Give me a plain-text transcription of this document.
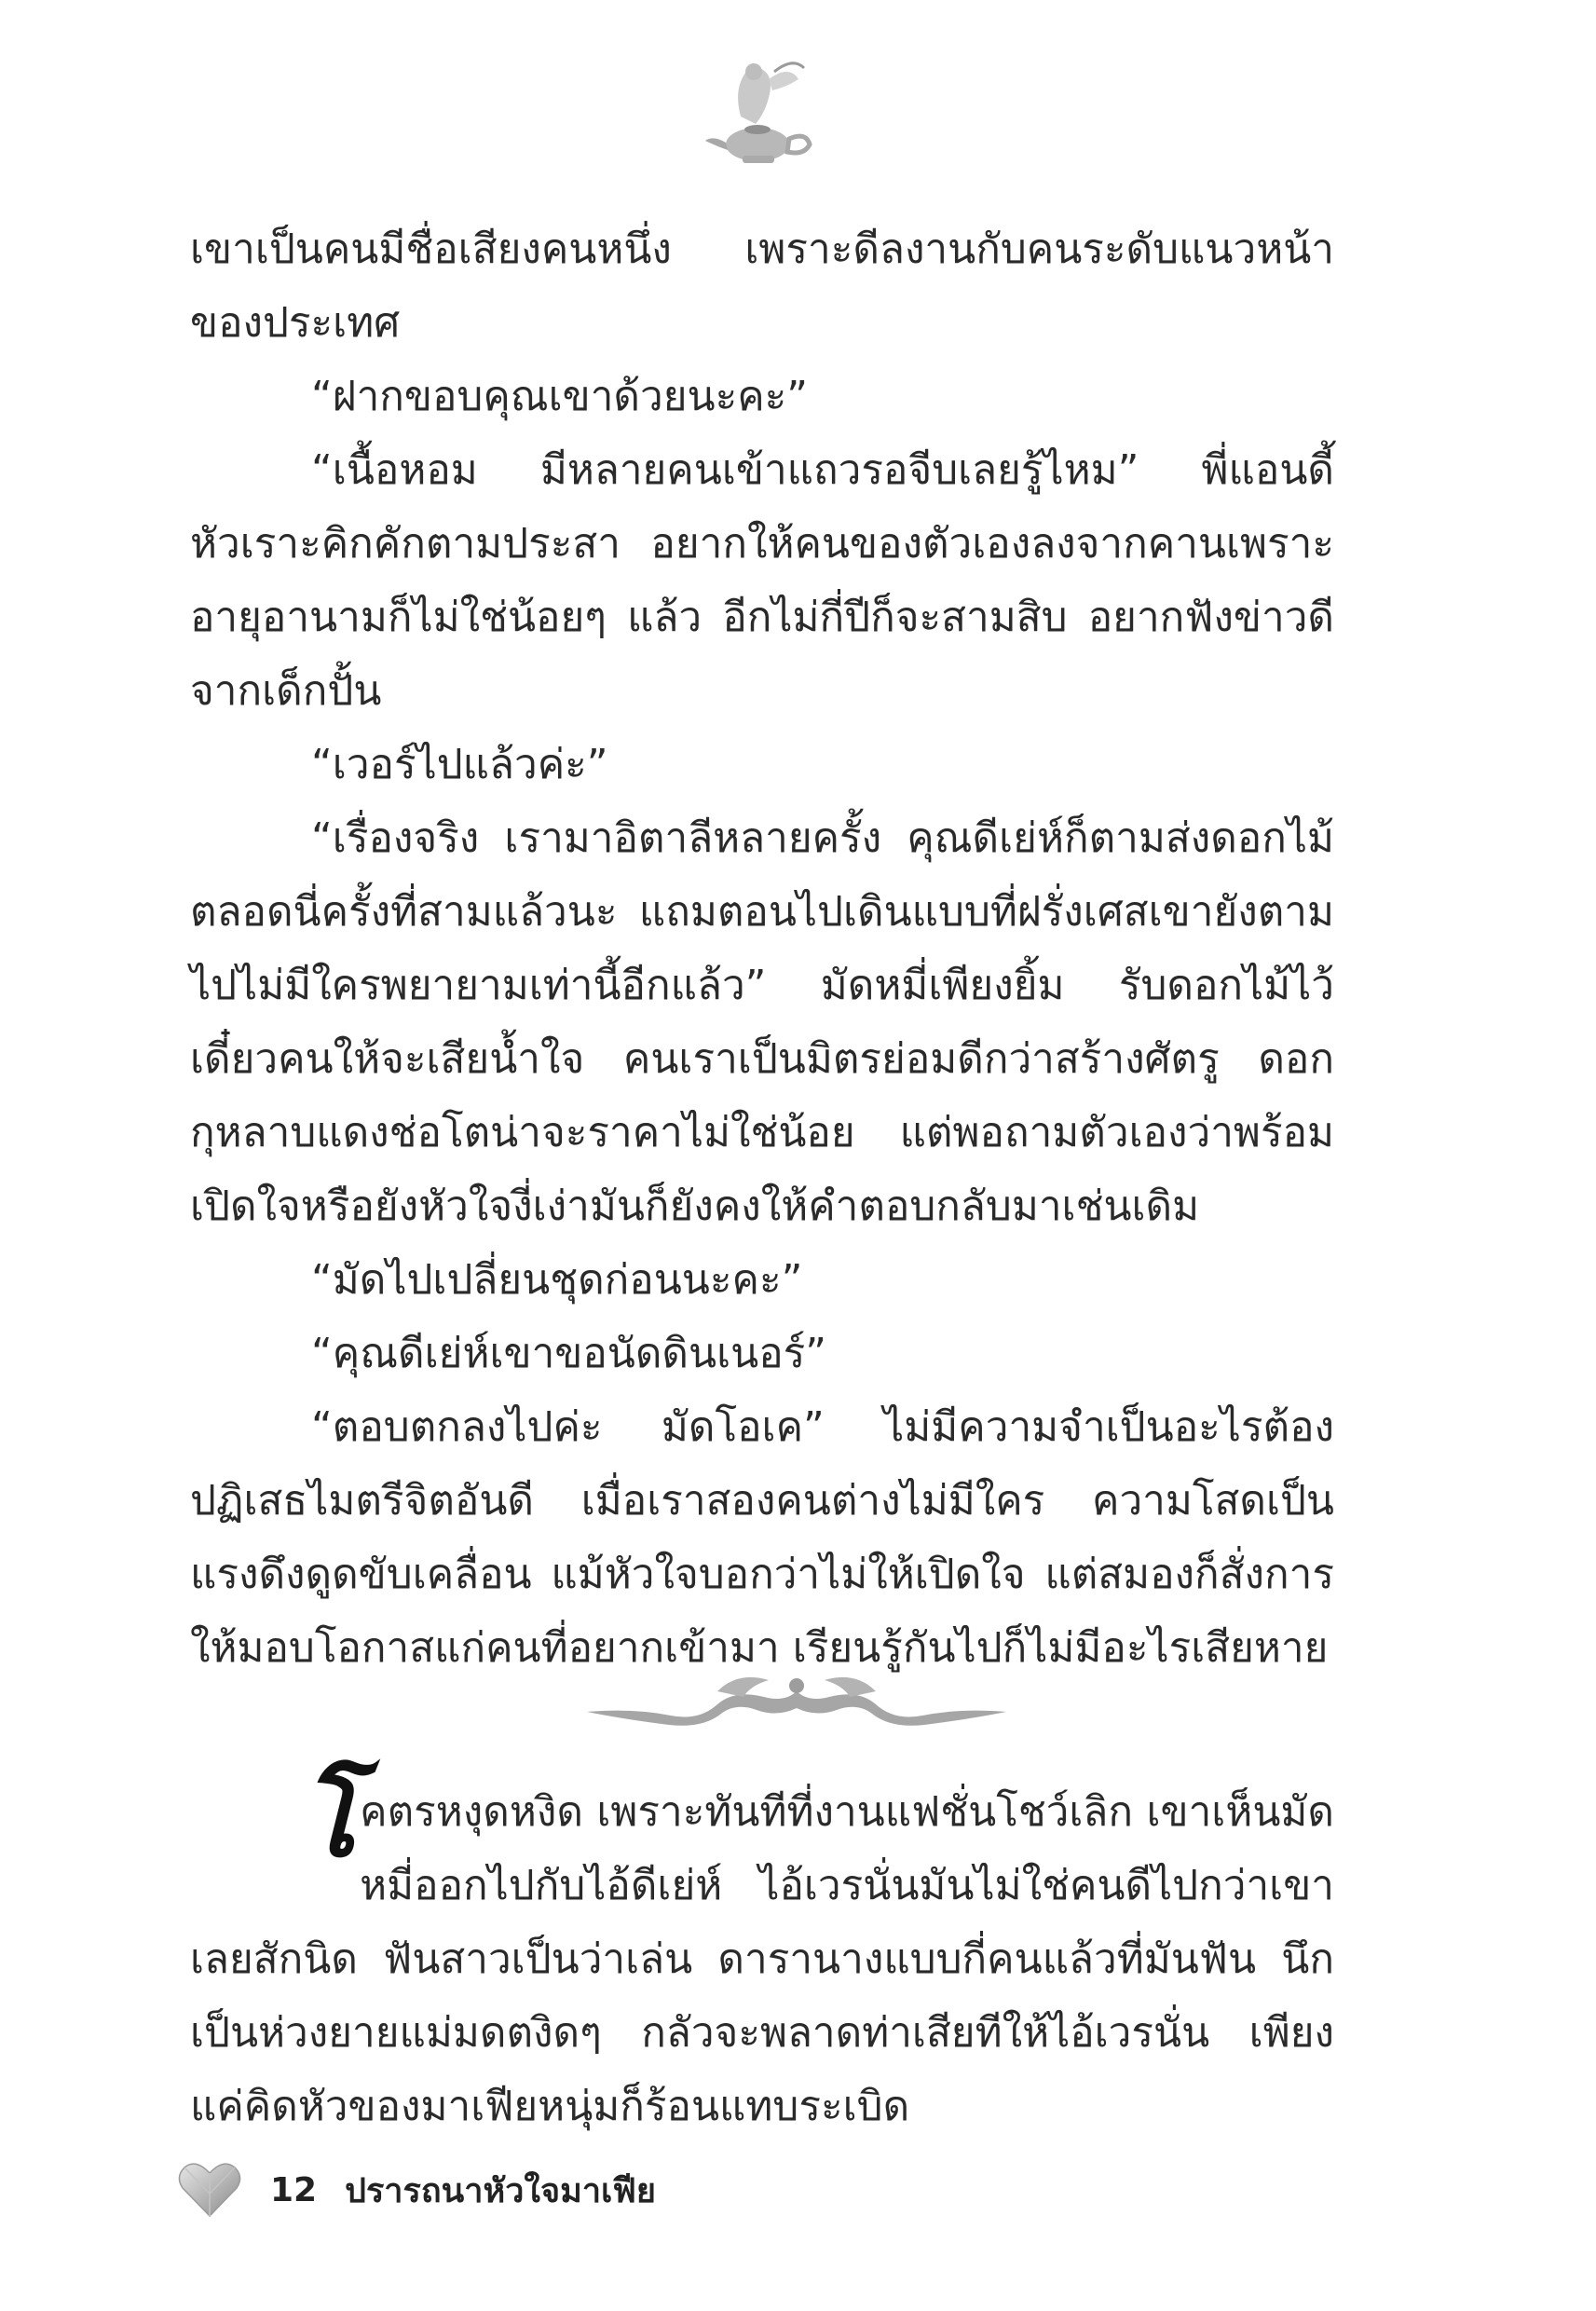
เขาเป็นคนมีชื่อเสียงคนหนึ่ง เพราะดีลงานกับคนระดับแนวหน้าของประเทศ

“ฝากขอบคุณเขาด้วยนะคะ”

“เนื้อหอม มีหลายคนเข้าแถวรอจีบเลยรู้ไหม” พี่แอนดี้หัวเราะคิกคักตามประสา อยากให้คนของตัวเองลงจากคานเพราะอายุอานามก็ไม่ใช่น้อยๆ แล้ว อีกไม่กี่ปีก็จะสามสิบ อยากฟังข่าวดีจากเด็กปั้น

“เวอร์ไปแล้วค่ะ”

“เรื่องจริง เรามาอิตาลีหลายครั้ง คุณดีเย่ห์ก็ตามส่งดอกไม้ตลอดนี่ครั้งที่สามแล้วนะ แถมตอนไปเดินแบบที่ฝรั่งเศสเขายังตามไปไม่มีใครพยายามเท่านี้อีกแล้ว” มัดหมี่เพียงยิ้ม รับดอกไม้ไว้ เดี๋ยวคนให้จะเสียน้ำใจ คนเราเป็นมิตรย่อมดีกว่าสร้างศัตรู ดอกกุหลาบแดงช่อโตน่าจะราคาไม่ใช่น้อย แต่พอถามตัวเองว่าพร้อมเปิดใจหรือยังหัวใจงี่เง่ามันก็ยังคงให้คำตอบกลับมาเช่นเดิม

“มัดไปเปลี่ยนชุดก่อนนะคะ”

“คุณดีเย่ห์เขาขอนัดดินเนอร์”

“ตอบตกลงไปค่ะ มัดโอเค” ไม่มีความจำเป็นอะไรต้องปฏิเสธไมตรีจิตอันดี เมื่อเราสองคนต่างไม่มีใคร ความโสดเป็นแรงดึงดูดขับเคลื่อน แม้หัวใจบอกว่าไม่ให้เปิดใจ แต่สมองก็สั่งการให้มอบโอกาสแก่คนที่อยากเข้ามา เรียนรู้กันไปก็ไม่มีอะไรเสียหาย

โคตรหงุดหงิด เพราะทันทีที่งานแฟชั่นโชว์เลิก เขาเห็นมัดหมี่ออกไปกับไอ้ดีเย่ห์ ไอ้เวรนั่นมันไม่ใช่คนดีไปกว่าเขาเลยสักนิด ฟันสาวเป็นว่าเล่น ดารานางแบบกี่คนแล้วที่มันฟัน นึกเป็นห่วงยายแม่มดตงิดๆ กลัวจะพลาดท่าเสียทีให้ไอ้เวรนั่น เพียงแค่คิดหัวของมาเฟียหนุ่มก็ร้อนแทบระเบิด

12 ปรารถนาหัวใจมาเฟีย
